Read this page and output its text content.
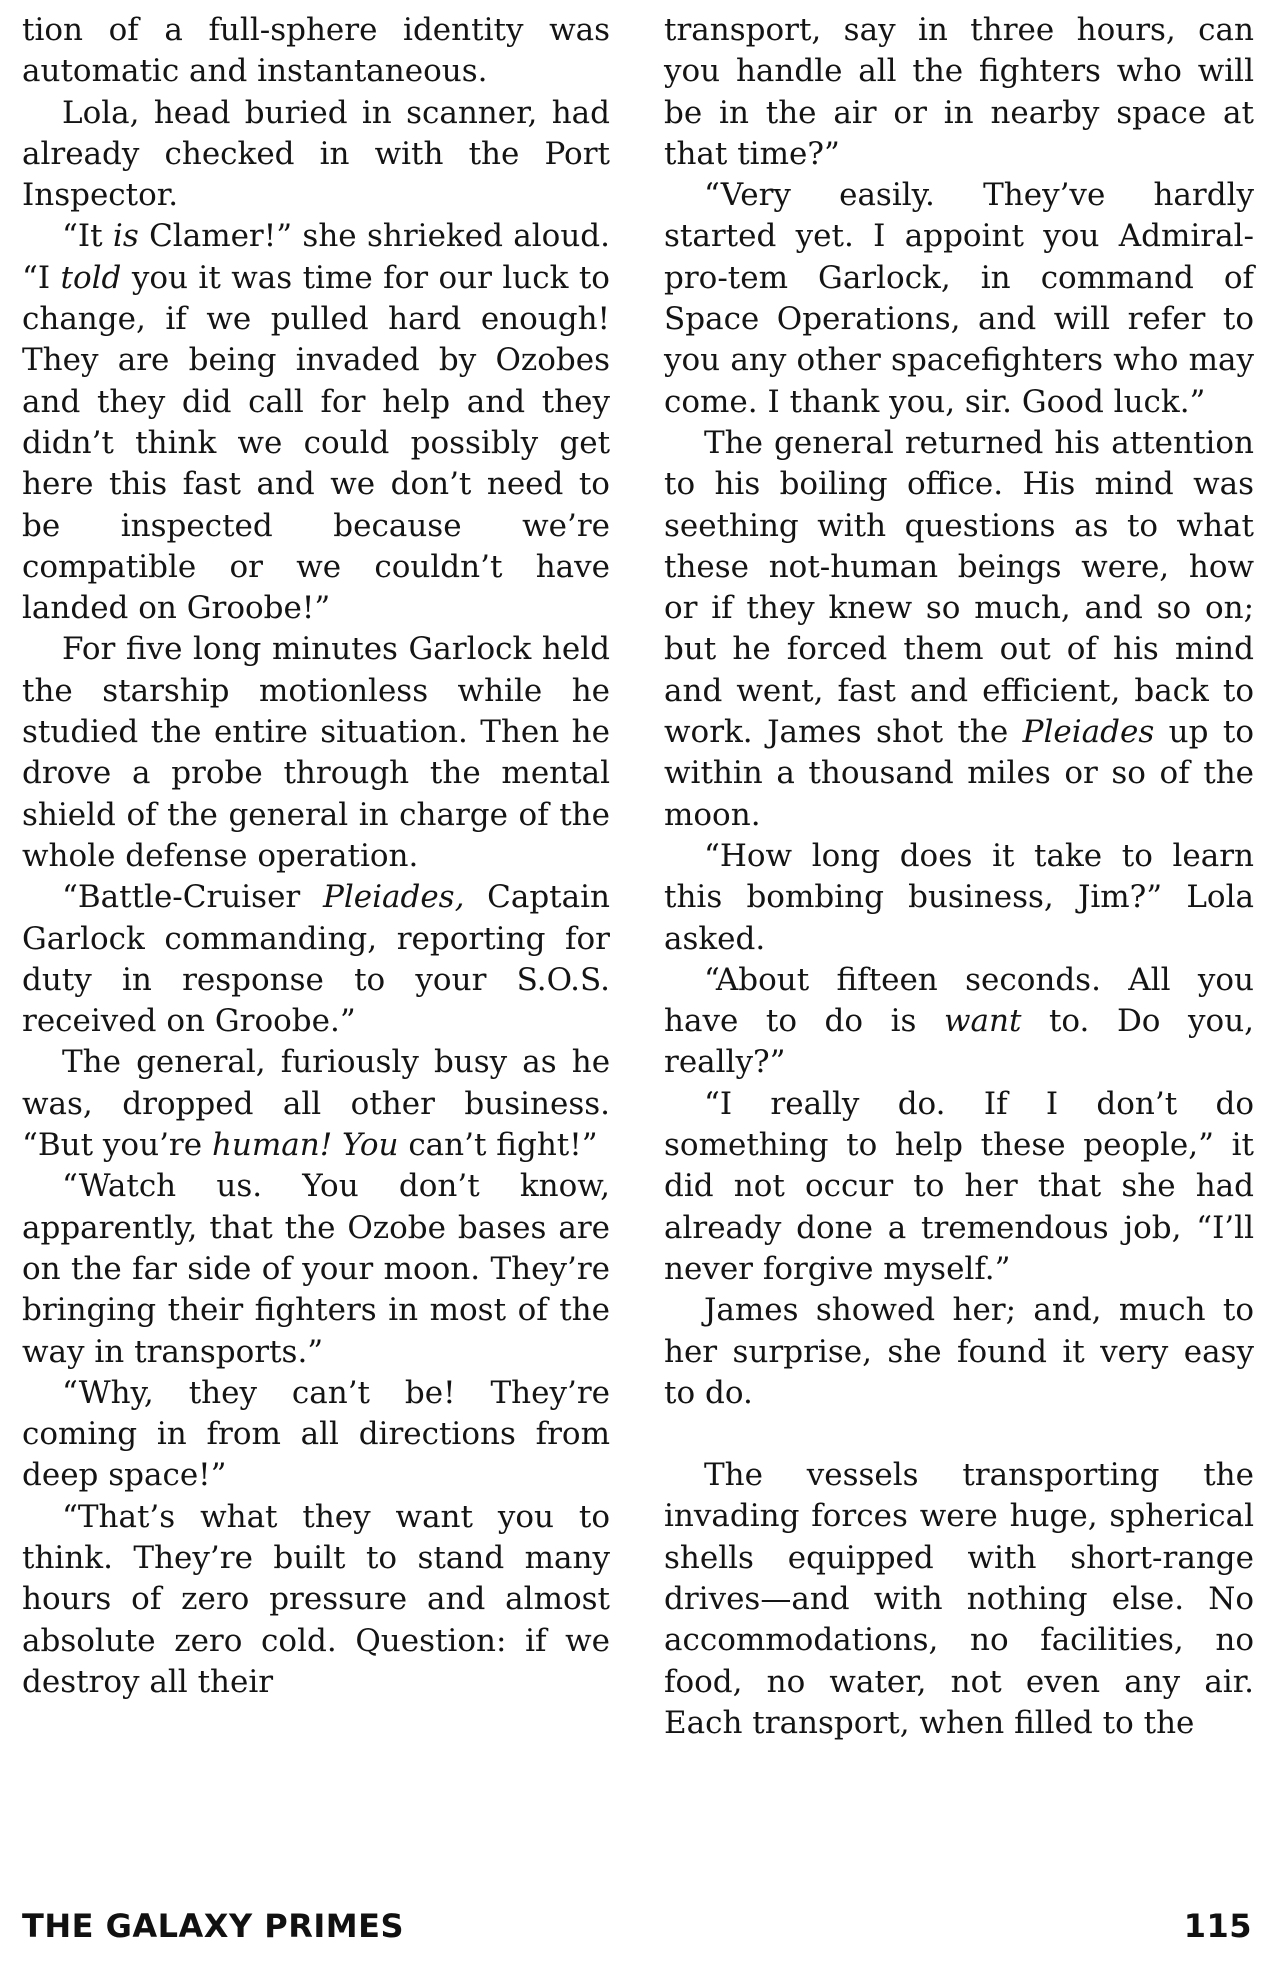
tion of a full-sphere identity was automatic and instantaneous.

Lola, head buried in scanner, had already checked in with the Port Inspector.

“It is Clamer!” she shrieked aloud. “I told you it was time for our luck to change, if we pulled hard enough! They are being invaded by Ozobes and they did call for help and they didn’t think we could possibly get here this fast and we don’t need to be inspected because we’re compatible or we couldn’t have landed on Groobe!”

For five long minutes Garlock held the starship motionless while he studied the entire situation. Then he drove a probe through the mental shield of the general in charge of the whole defense operation.

“Battle-Cruiser Pleiades, Captain Garlock commanding, reporting for duty in response to your S.O.S. received on Groobe.”

The general, furiously busy as he was, dropped all other business. “But you’re human! You can’t fight!”

“Watch us. You don’t know, apparently, that the Ozobe bases are on the far side of your moon. They’re bringing their fighters in most of the way in transports.”

“Why, they can’t be! They’re coming in from all directions from deep space!”

“That’s what they want you to think. They’re built to stand many hours of zero pressure and almost absolute zero cold. Question: if we destroy all their

transport, say in three hours, can you handle all the fighters who will be in the air or in nearby space at that time?”

“Very easily. They’ve hardly started yet. I appoint you Admiral-pro-tem Garlock, in command of Space Operations, and will refer to you any other spacefighters who may come. I thank you, sir. Good luck.”

The general returned his attention to his boiling office. His mind was seething with questions as to what these not-human beings were, how or if they knew so much, and so on; but he forced them out of his mind and went, fast and efficient, back to work. James shot the Pleiades up to within a thousand miles or so of the moon.

“How long does it take to learn this bombing business, Jim?” Lola asked.

“About fifteen seconds. All you have to do is want to. Do you, really?”

“I really do. If I don’t do something to help these people,” it did not occur to her that she had already done a tremendous job, “I’ll never forgive myself.”

James showed her; and, much to her surprise, she found it very easy to do.

The vessels transporting the invading forces were huge, spherical shells equipped with short-range drives—and with nothing else. No accommodations, no facilities, no food, no water, not even any air. Each transport, when filled to the

THE GALAXY PRIMES	115
